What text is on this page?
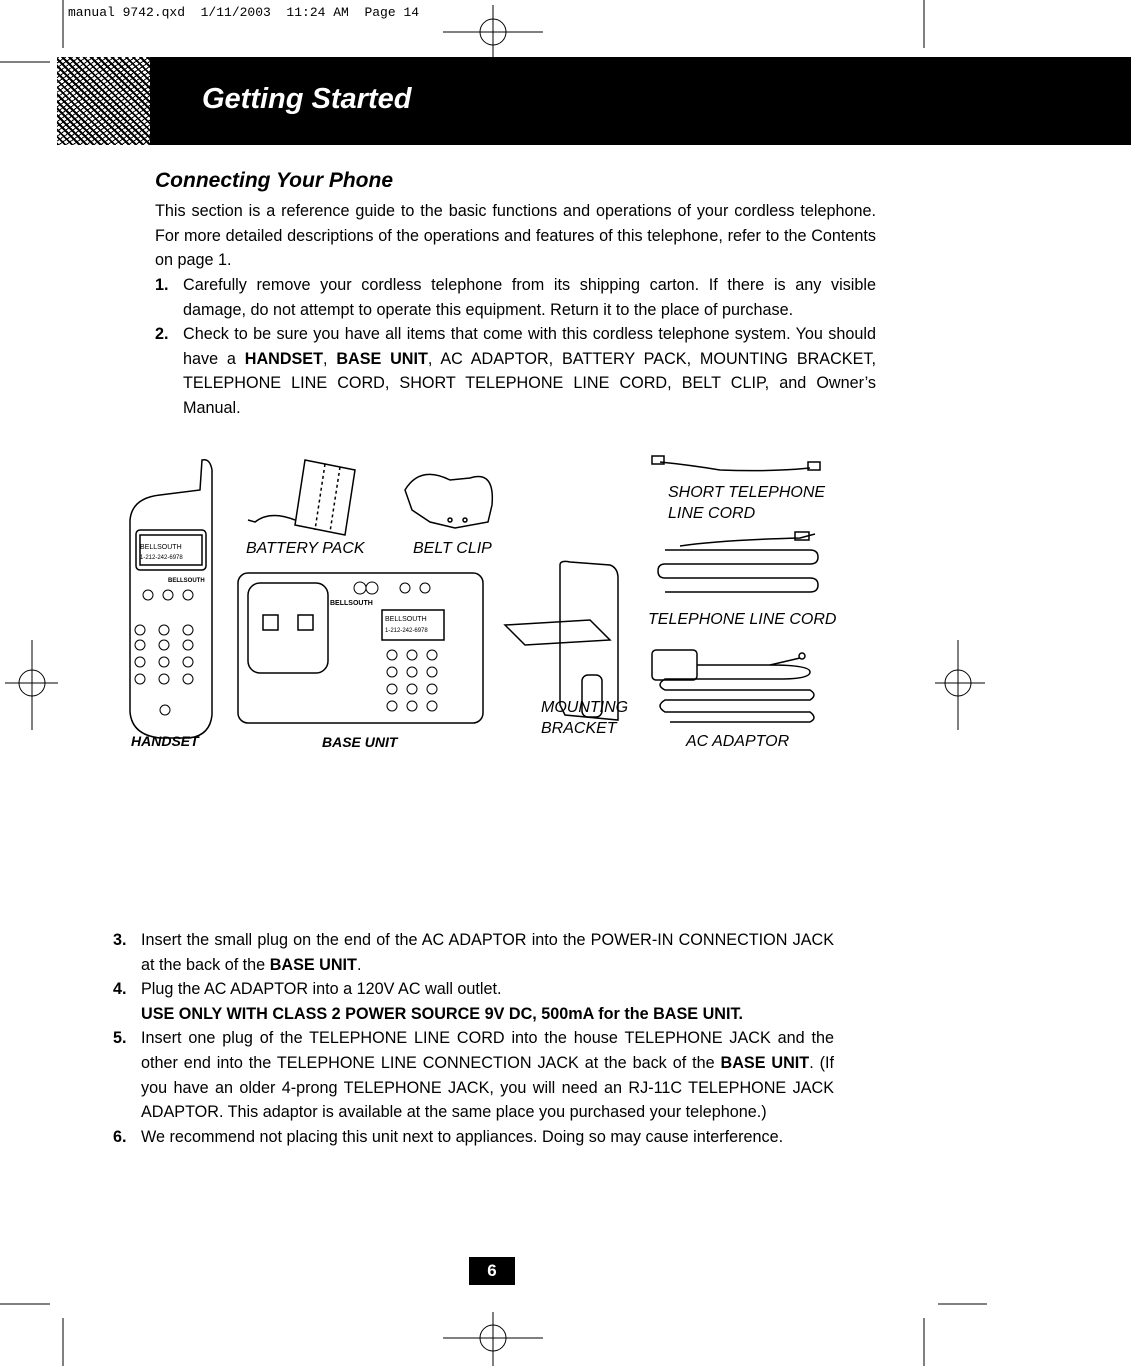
manual 9742.qxd  1/11/2003  11:24 AM  Page 14
Getting Started
Connecting Your Phone
This section is a reference guide to the basic functions and operations of your cordless telephone. For more detailed descriptions of the operations and features of this telephone, refer to the Contents on page 1.
1. Carefully remove your cordless telephone from its shipping carton. If there is any visible damage, do not attempt to operate this equipment. Return it to the place of purchase.
2. Check to be sure you have all items that come with this cordless telephone system. You should have a HANDSET, BASE UNIT, AC ADAPTOR, BATTERY PACK, MOUNTING BRACKET, TELEPHONE LINE CORD, SHORT TELEPHONE LINE CORD, BELT CLIP, and Owner’s Manual.
BELLSOUTH
1-212-242-6978
BELLSOUTH
BELLSOUTH
1-212-242-6978
BELLSOUTH
HANDSET	BASE UNIT
BATTERY PACK	BELT CLIP
MOUNTING BRACKET
SHORT TELEPHONE LINE CORD
TELEPHONE LINE CORD
AC ADAPTOR
3. Insert the small plug on the end of the AC ADAPTOR into the POWER-IN CONNECTION JACK at the back of the BASE UNIT.
4. Plug the AC ADAPTOR into a 120V AC wall outlet.
USE ONLY WITH CLASS 2 POWER SOURCE 9V DC, 500mA for the BASE UNIT.
5. Insert one plug of the TELEPHONE LINE CORD into the house TELEPHONE JACK and the other end into the TELEPHONE LINE CONNECTION JACK at the back of the BASE UNIT. (If you have an older 4-prong TELEPHONE JACK, you will need an RJ-11C TELEPHONE JACK ADAPTOR. This adaptor is available at the same place you purchased your telephone.)
6. We recommend not placing this unit next to appliances. Doing so may cause interference.
6
